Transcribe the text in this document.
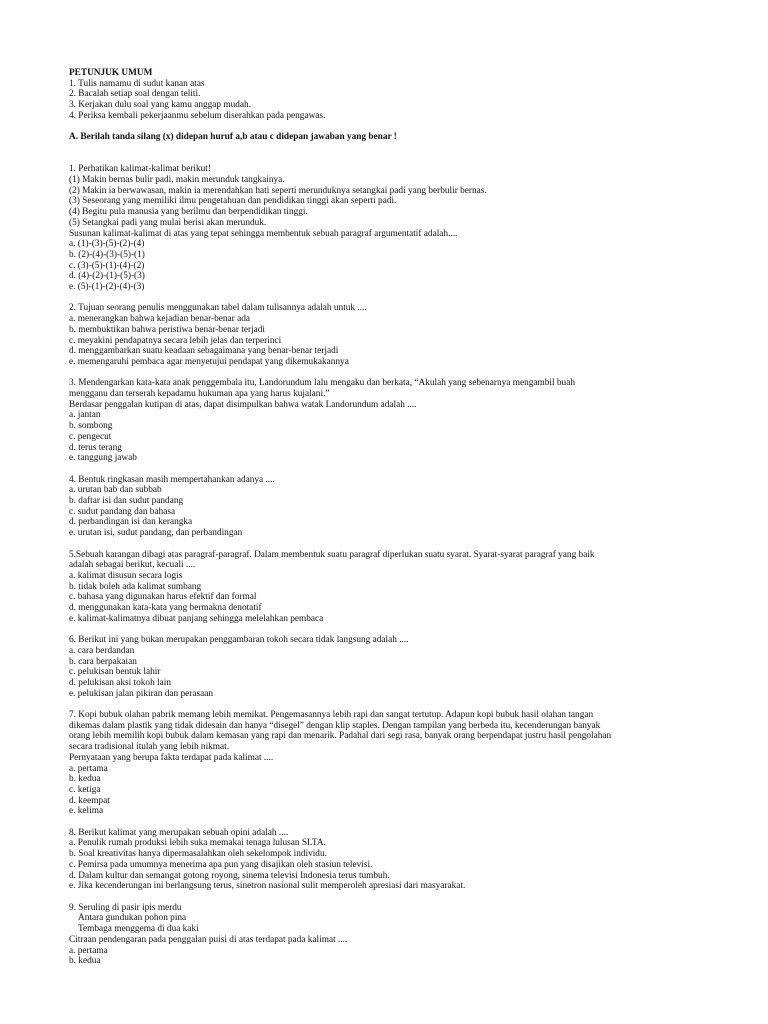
PETUNJUK UMUM
1. Tulis namamu di sudut kanan atas
2. Bacalah setiap soal dengan teliti.
3. Kerjakan dulu soal yang kamu anggap mudah.
4. Periksa kembali pekerjaanmu sebelum diserahkan pada pengawas.
A. Berilah tanda silang (x) didepan huruf a,b atau c didepan jawaban yang benar !
1. Perhatikan kalimat-kalimat berikut!
(1) Makin bernas bulir padi, makin merunduk tangkainya.
(2) Makin ia berwawasan, makin ia merendahkan hati seperti merunduknya setangkai padi yang berbulir bernas.
(3) Seseorang yang memiliki ilmu pengetahuan dan pendidikan tinggi akan seperti padi.
(4) Begitu pula manusia yang berilmu dan berpendidikan tinggi.
(5) Setangkai padi yang mulai berisi akan merunduk.
Susunan kalimat-kalimat di atas yang tepat sehingga membentuk sebuah paragraf argumentatif adalah....
a. (1)-(3)-(5)-(2)-(4)
b. (2)-(4)-(3)-(5)-(1)
c. (3)-(5)-(1)-(4)-(2)
d. (4)-(2)-(1)-(5)-(3)
e. (5)-(1)-(2)-(4)-(3)
2. Tujuan seorang penulis menggunakan tabel dalam tulisannya adalah untuk ....
a. menerangkan bahwa kejadian benar-benar ada
b. membuktikan bahwa peristiwa benar-benar terjadi
c. meyakini pendapatnya secara lebih jelas dan terperinci
d. menggambarkan suatu keadaan sebagaimana yang benar-benar terjadi
e. memengaruhi pembaca agar menyetujui pendapat yang dikemukakannya
3. Mendengarkan kata-kata anak penggembala itu, Landorundum lalu mengaku dan berkata, “Akulah yang sebenarnya mengambil buah
mengganu dan terserah kepadamu hukuman apa yang harus kujalani.”
Berdasar penggalan kutipan di atas, dapat disimpulkan bahwa watak Landorundum adalah ....
a. jantan
b. sombong
c. pengecut
d. terus terang
e. tanggung jawab
4. Bentuk ringkasan masih mempertahankan adanya ....
a. urutan bab dan subbab
b. daftar isi dan sudut pandang
c. sudut pandang dan bahasa
d. perbandingan isi dan kerangka
e. urutan isi, sudut pandang, dan perbandingan
5.Sebuah karangan dibagi atas paragraf-paragraf. Dalam membentuk suatu paragraf diperlukan suatu syarat. Syarat-syarat paragraf yang baik
adalah sebagai berikut, kecuali ....
a. kalimat disusun secara logis
b. tidak boleh ada kalimat sumbang
c. bahasa yang digunakan harus efektif dan formal
d. menggunakan kata-kata yang bermakna denotatif
e. kalimat-kalimatnya dibuat panjang sehingga melelahkan pembaca
6. Berikut ini yang bukan merupakan penggambaran tokoh secara tidak langsung adalah ....
a. cara berdandan
b. cara berpakaian
c. pelukisan bentuk lahir
d. pelukisan aksi tokoh lain
e. pelukisan jalan pikiran dan perasaan
7. Kopi bubuk olahan pabrik memang lebih memikat. Pengemasannya lebih rapi dan sangat tertutup. Adapun kopi bubuk hasil olahan tangan
dikemas dalam plastik yang tidak didesain dan hanya “disegel” dengan klip staples. Dengan tampilan yang berbeda itu, kecenderungan banyak
orang lebih memilih kopi bubuk dalam kemasan yang rapi dan menarik. Padahal dari segi rasa, banyak orang berpendapat justru hasil pengolahan
secara tradisional itulah yang lebih nikmat.
Pernyataan yang berupa fakta terdapat pada kalimat ....
a. pertama
b. kedua
c. ketiga
d. keempat
e. kelima
8. Berikut kalimat yang merupakan sebuah opini adalah ....
a. Penulik rumah produksi lebih suka memakai tenaga lulusan SLTA.
b. Soal kreativitas hanya dipermasalahkan oleh sekelompok individu.
c. Pemirsa pada umumnya menerima apa pun yang disajikan oleh stasiun televisi.
d. Dalam kultur dan semangat gotong royong, sinema televisi Indonesia terus tumbuh.
e. Jika kecenderungan ini berlangsung terus, sinetron nasional sulit memperoleh apresiasi dari masyarakat.
9. Seruling di pasir ipis merdu
Antara gundukan pohon pina
Tembaga menggema di dua kaki
Citraan pendengaran pada penggalan puisi di atas terdapat pada kalimat ....
a. pertama
b. kedua
